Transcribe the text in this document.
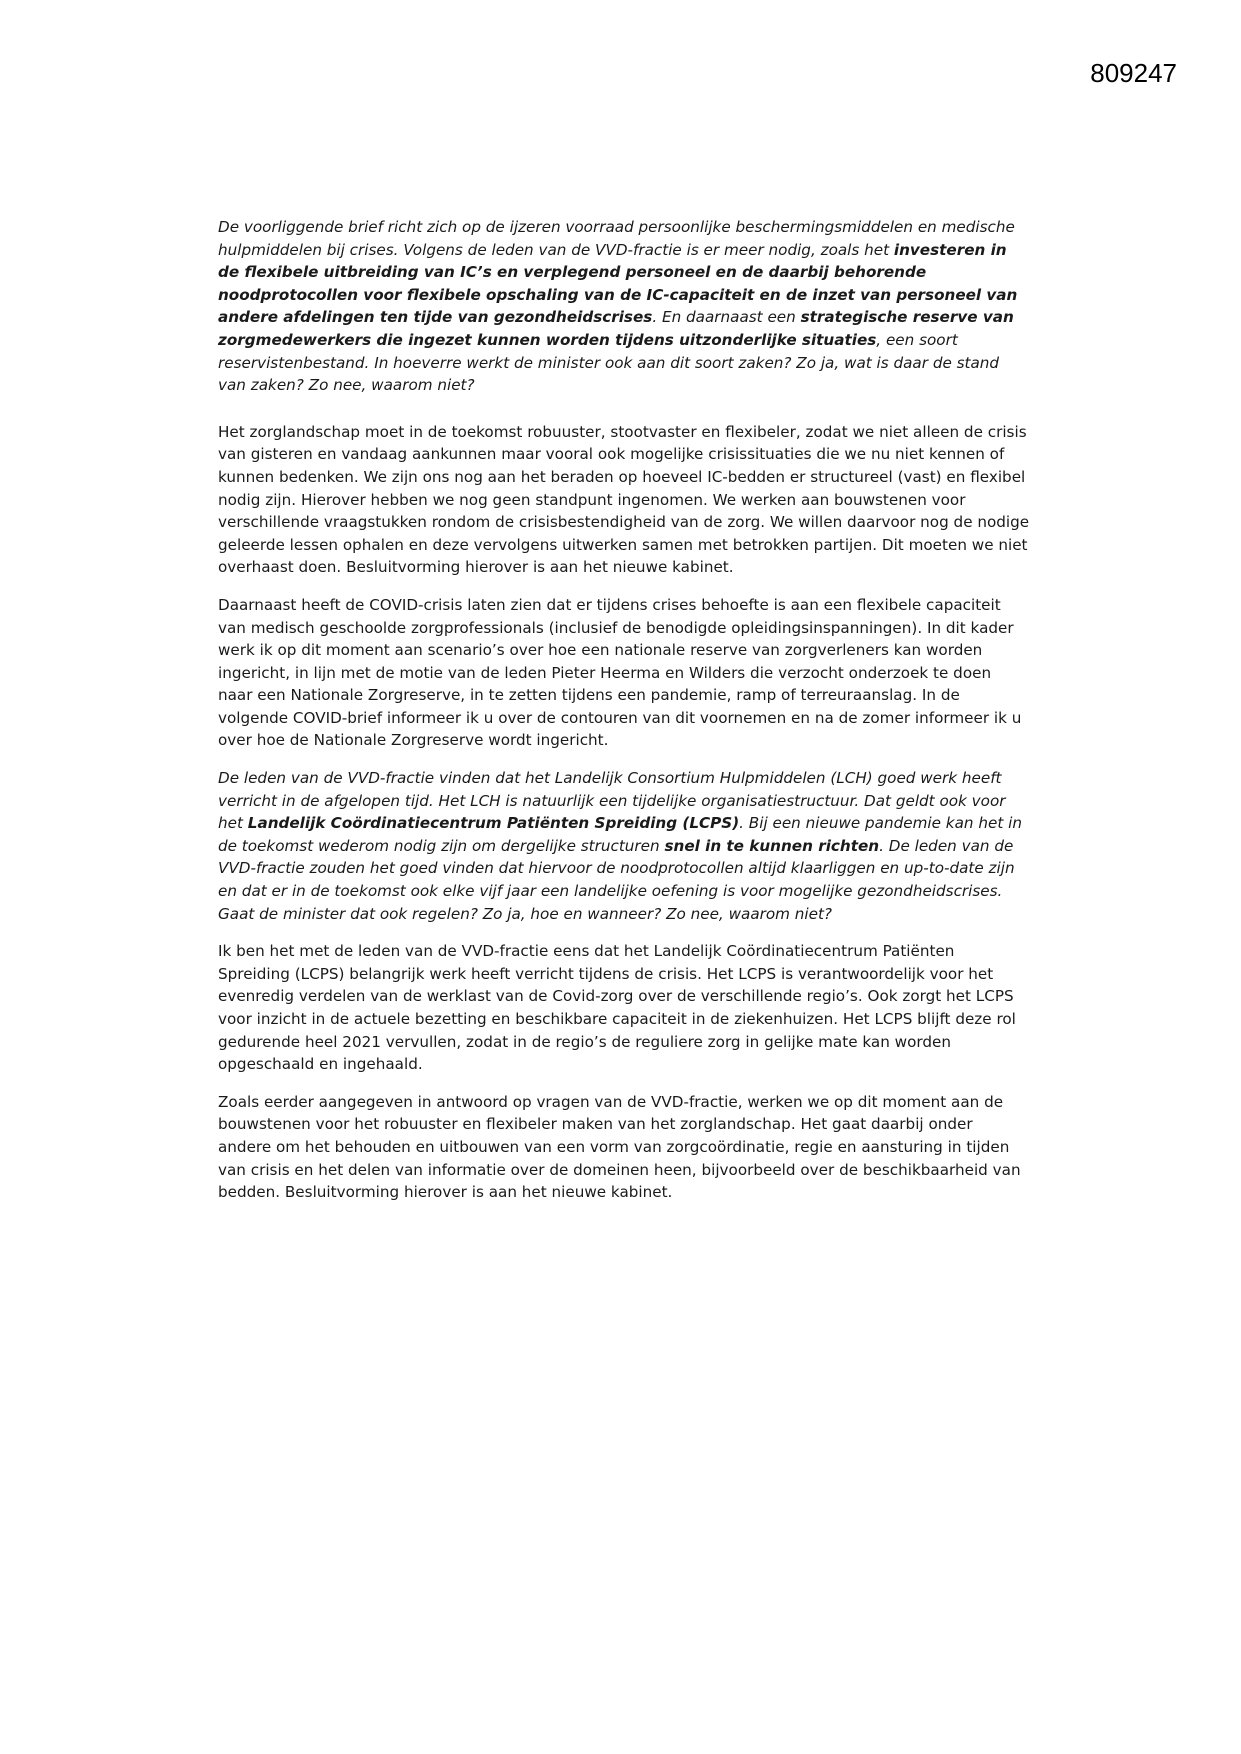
809247

De voorliggende brief richt zich op de ijzeren voorraad persoonlijke beschermingsmiddelen en medische hulpmiddelen bij crises. Volgens de leden van de VVD-fractie is er meer nodig, zoals het investeren in de flexibele uitbreiding van IC’s en verplegend personeel en de daarbij behorende noodprotocollen voor flexibele opschaling van de IC-capaciteit en de inzet van personeel van andere afdelingen ten tijde van gezondheidscrises. En daarnaast een strategische reserve van zorgmedewerkers die ingezet kunnen worden tijdens uitzonderlijke situaties, een soort reservistenbestand. In hoeverre werkt de minister ook aan dit soort zaken? Zo ja, wat is daar de stand van zaken? Zo nee, waarom niet?

Het zorglandschap moet in de toekomst robuuster, stootvaster en flexibeler, zodat we niet alleen de crisis van gisteren en vandaag aankunnen maar vooral ook mogelijke crisissituaties die we nu niet kennen of kunnen bedenken. We zijn ons nog aan het beraden op hoeveel IC-bedden er structureel (vast) en flexibel nodig zijn. Hierover hebben we nog geen standpunt ingenomen. We werken aan bouwstenen voor verschillende vraagstukken rondom de crisisbestendigheid van de zorg. We willen daarvoor nog de nodige geleerde lessen ophalen en deze vervolgens uitwerken samen met betrokken partijen. Dit moeten we niet overhaast doen. Besluitvorming hierover is aan het nieuwe kabinet.

Daarnaast heeft de COVID-crisis laten zien dat er tijdens crises behoefte is aan een flexibele capaciteit van medisch geschoolde zorgprofessionals (inclusief de benodigde opleidingsinspanningen). In dit kader werk ik op dit moment aan scenario’s over hoe een nationale reserve van zorgverleners kan worden ingericht, in lijn met de motie van de leden Pieter Heerma en Wilders die verzocht onderzoek te doen naar een Nationale Zorgreserve, in te zetten tijdens een pandemie, ramp of terreuraanslag. In de volgende COVID-brief informeer ik u over de contouren van dit voornemen en na de zomer informeer ik u over hoe de Nationale Zorgreserve wordt ingericht.

De leden van de VVD-fractie vinden dat het Landelijk Consortium Hulpmiddelen (LCH) goed werk heeft verricht in de afgelopen tijd. Het LCH is natuurlijk een tijdelijke organisatiestructuur. Dat geldt ook voor het Landelijk Coördinatiecentrum Patiënten Spreiding (LCPS). Bij een nieuwe pandemie kan het in de toekomst wederom nodig zijn om dergelijke structuren snel in te kunnen richten. De leden van de VVD-fractie zouden het goed vinden dat hiervoor de noodprotocollen altijd klaarliggen en up-to-date zijn en dat er in de toekomst ook elke vijf jaar een landelijke oefening is voor mogelijke gezondheidscrises. Gaat de minister dat ook regelen? Zo ja, hoe en wanneer? Zo nee, waarom niet?

Ik ben het met de leden van de VVD-fractie eens dat het Landelijk Coördinatiecentrum Patiënten Spreiding (LCPS) belangrijk werk heeft verricht tijdens de crisis. Het LCPS is verantwoordelijk voor het evenredig verdelen van de werklast van de Covid-zorg over de verschillende regio’s. Ook zorgt het LCPS voor inzicht in de actuele bezetting en beschikbare capaciteit in de ziekenhuizen. Het LCPS blijft deze rol gedurende heel 2021 vervullen, zodat in de regio’s de reguliere zorg in gelijke mate kan worden opgeschaald en ingehaald.

Zoals eerder aangegeven in antwoord op vragen van de VVD-fractie, werken we op dit moment aan de bouwstenen voor het robuuster en flexibeler maken van het zorglandschap. Het gaat daarbij onder andere om het behouden en uitbouwen van een vorm van zorgcoördinatie, regie en aansturing in tijden van crisis en het delen van informatie over de domeinen heen, bijvoorbeeld over de beschikbaarheid van bedden. Besluitvorming hierover is aan het nieuwe kabinet.
